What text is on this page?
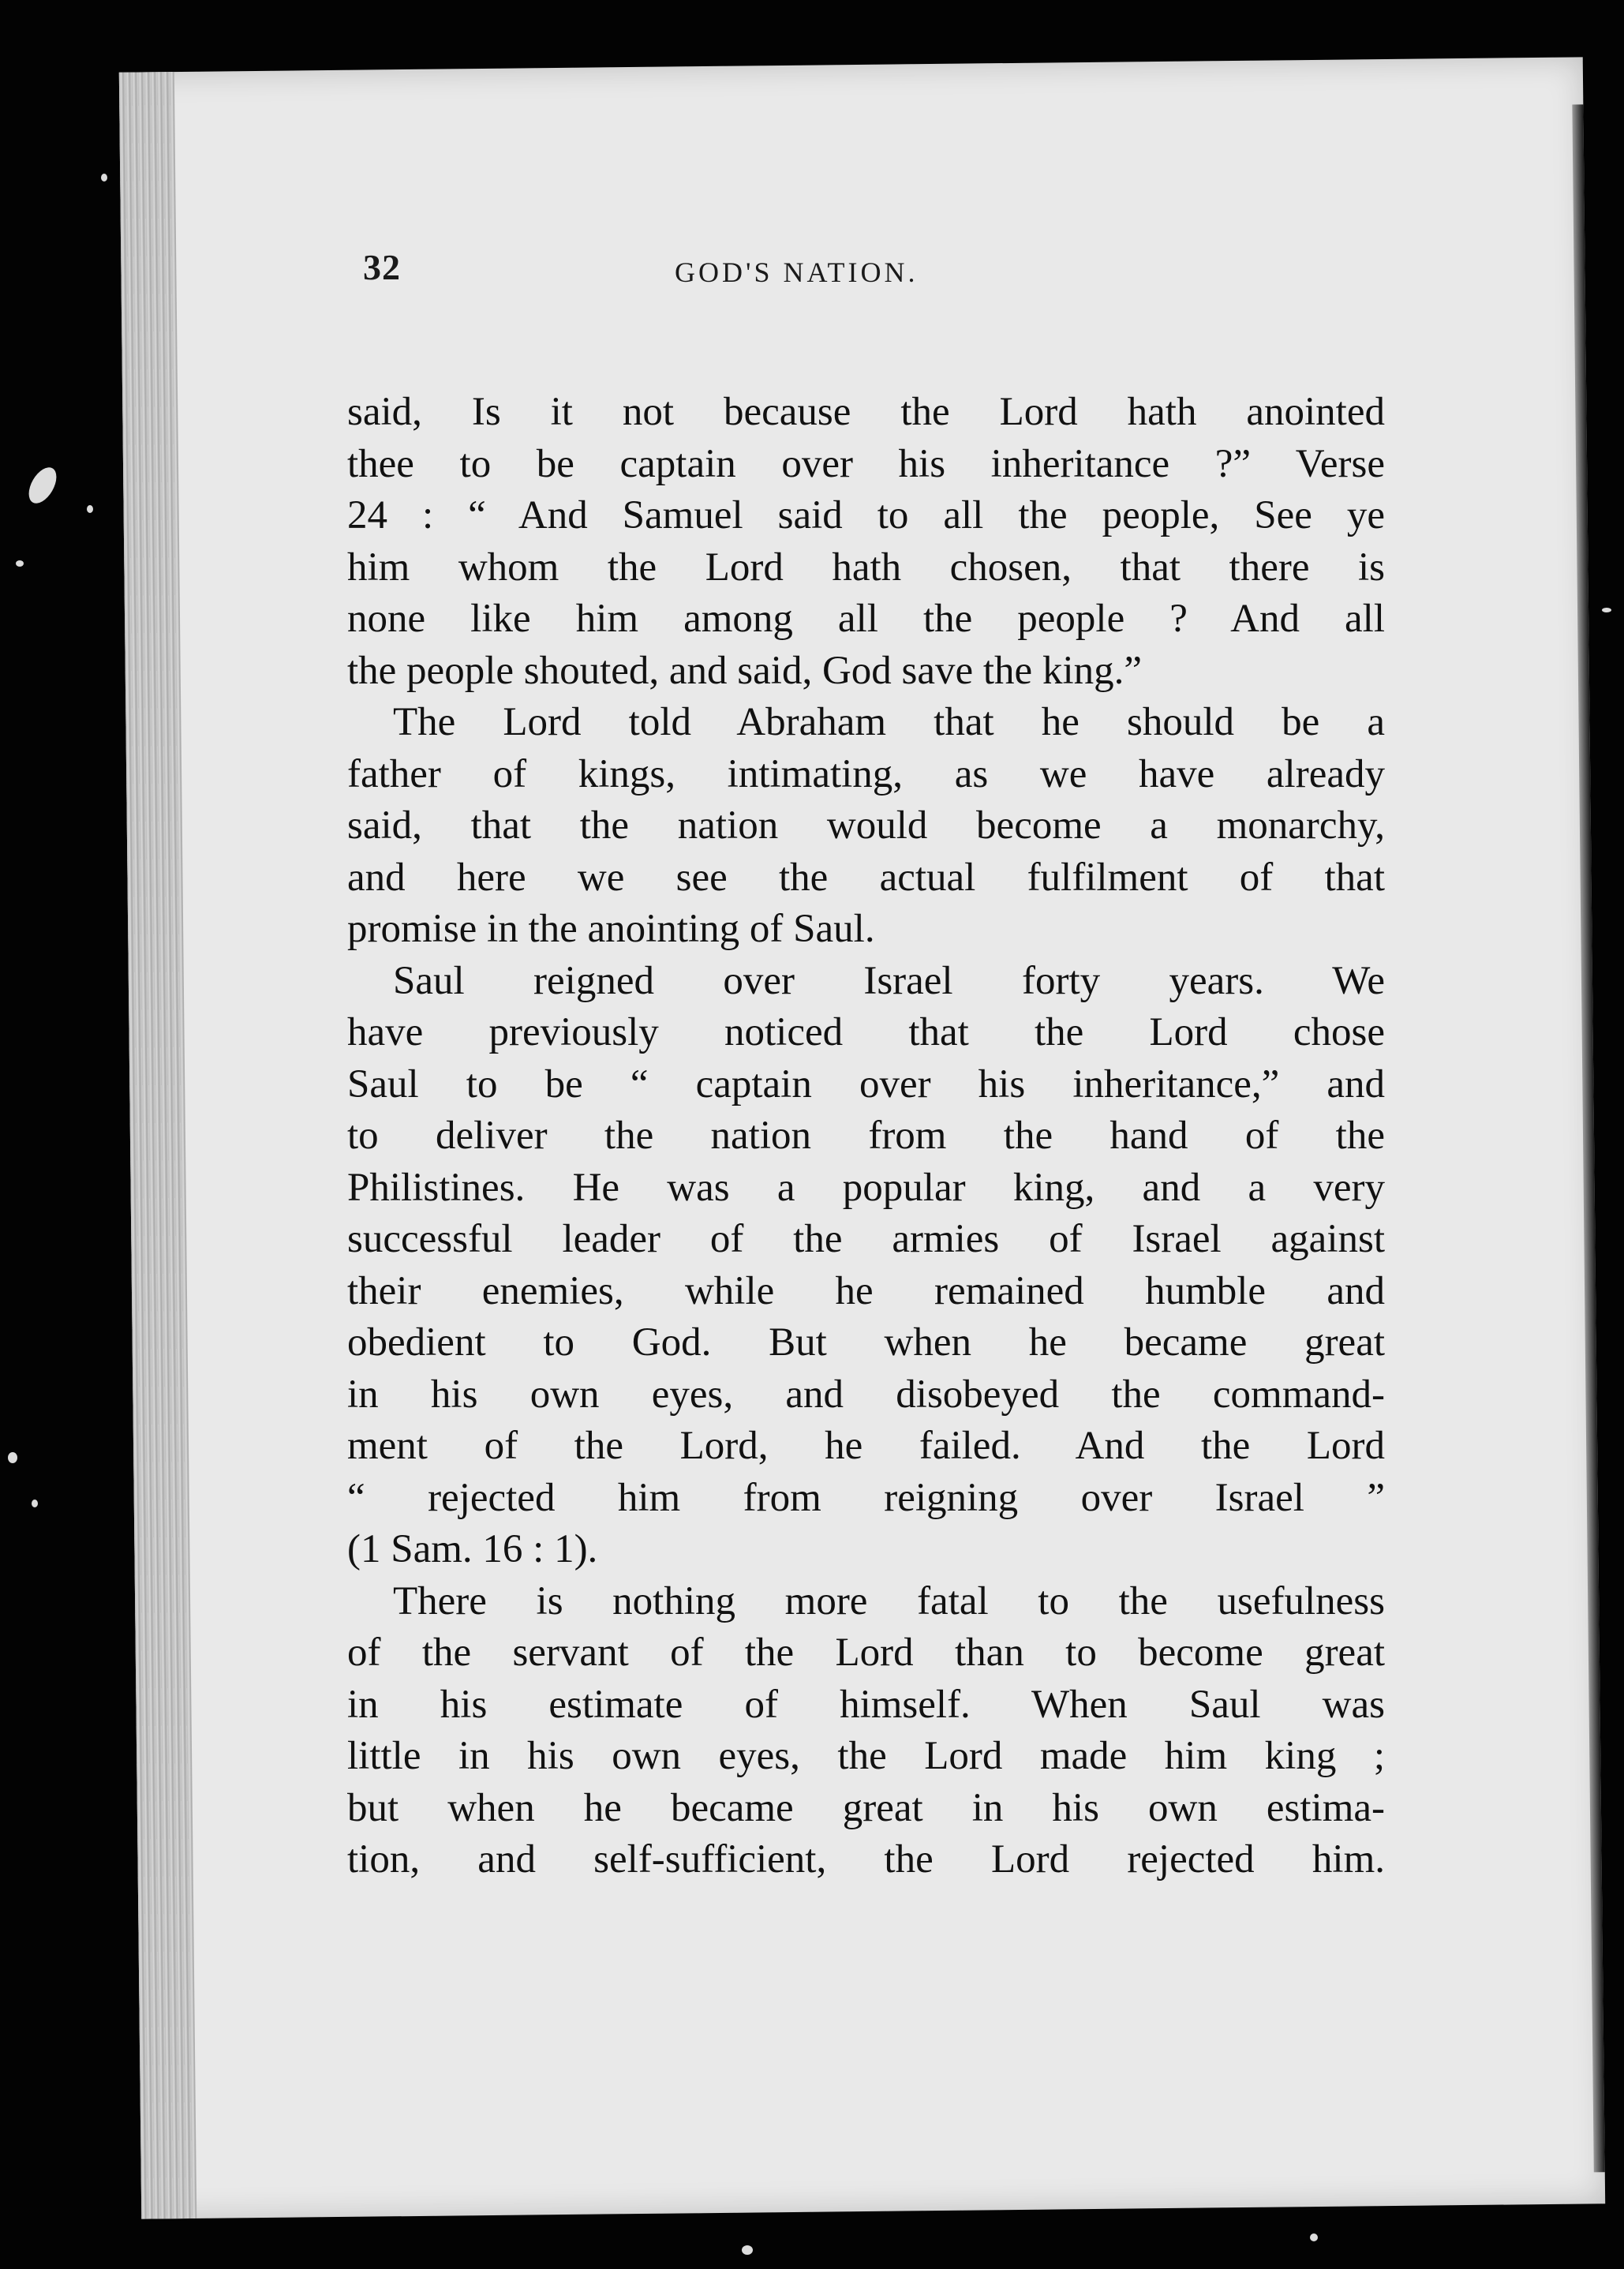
32	GOD'S NATION.

said, Is it not because the Lord hath anointed
thee to be captain over his inheritance ?” Verse
24 : “ And Samuel said to all the people, See ye
him whom the Lord hath chosen, that there is
none like him among all the people ? And all
the people shouted, and said, God save the king.”

The Lord told Abraham that he should be a
father of kings, intimating, as we have already
said, that the nation would become a monarchy,
and here we see the actual fulfilment of that
promise in the anointing of Saul.

Saul reigned over Israel forty years. We
have previously noticed that the Lord chose
Saul to be “ captain over his inheritance,” and
to deliver the nation from the hand of the
Philistines. He was a popular king, and a very
successful leader of the armies of Israel against
their enemies, while he remained humble and
obedient to God. But when he became great
in his own eyes, and disobeyed the command-
ment of the Lord, he failed. And the Lord
“ rejected him from reigning over Israel ”
(1 Sam. 16 : 1).

There is nothing more fatal to the usefulness
of the servant of the Lord than to become great
in his estimate of himself. When Saul was
little in his own eyes, the Lord made him king ;
but when he became great in his own estima-
tion, and self-sufficient, the Lord rejected him.
